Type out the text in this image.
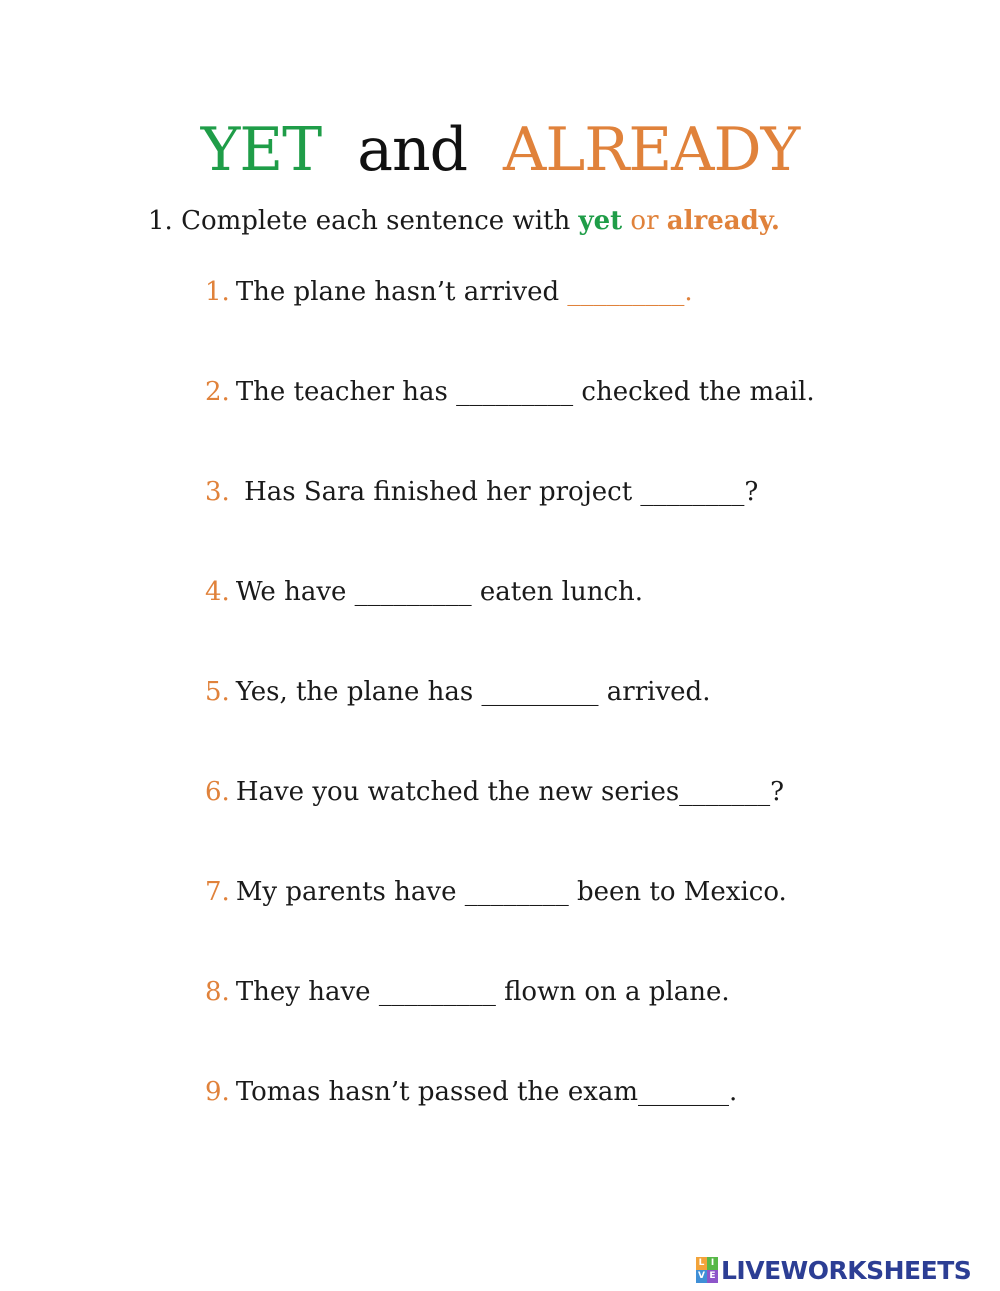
YET and ALREADY
1. Complete each sentence with yet or already.
1. The plane hasn’t arrived _________.
2. The teacher has _________ checked the mail.
3. Has Sara finished her project ________?
4. We have _________ eaten lunch.
5. Yes, the plane has _________ arrived.
6. Have you watched the new series_______?
7. My parents have ________ been to Mexico.
8. They have _________ flown on a plane.
9. Tomas hasn’t passed the exam_______.
L I
V E LIVEWORKSHEETS
